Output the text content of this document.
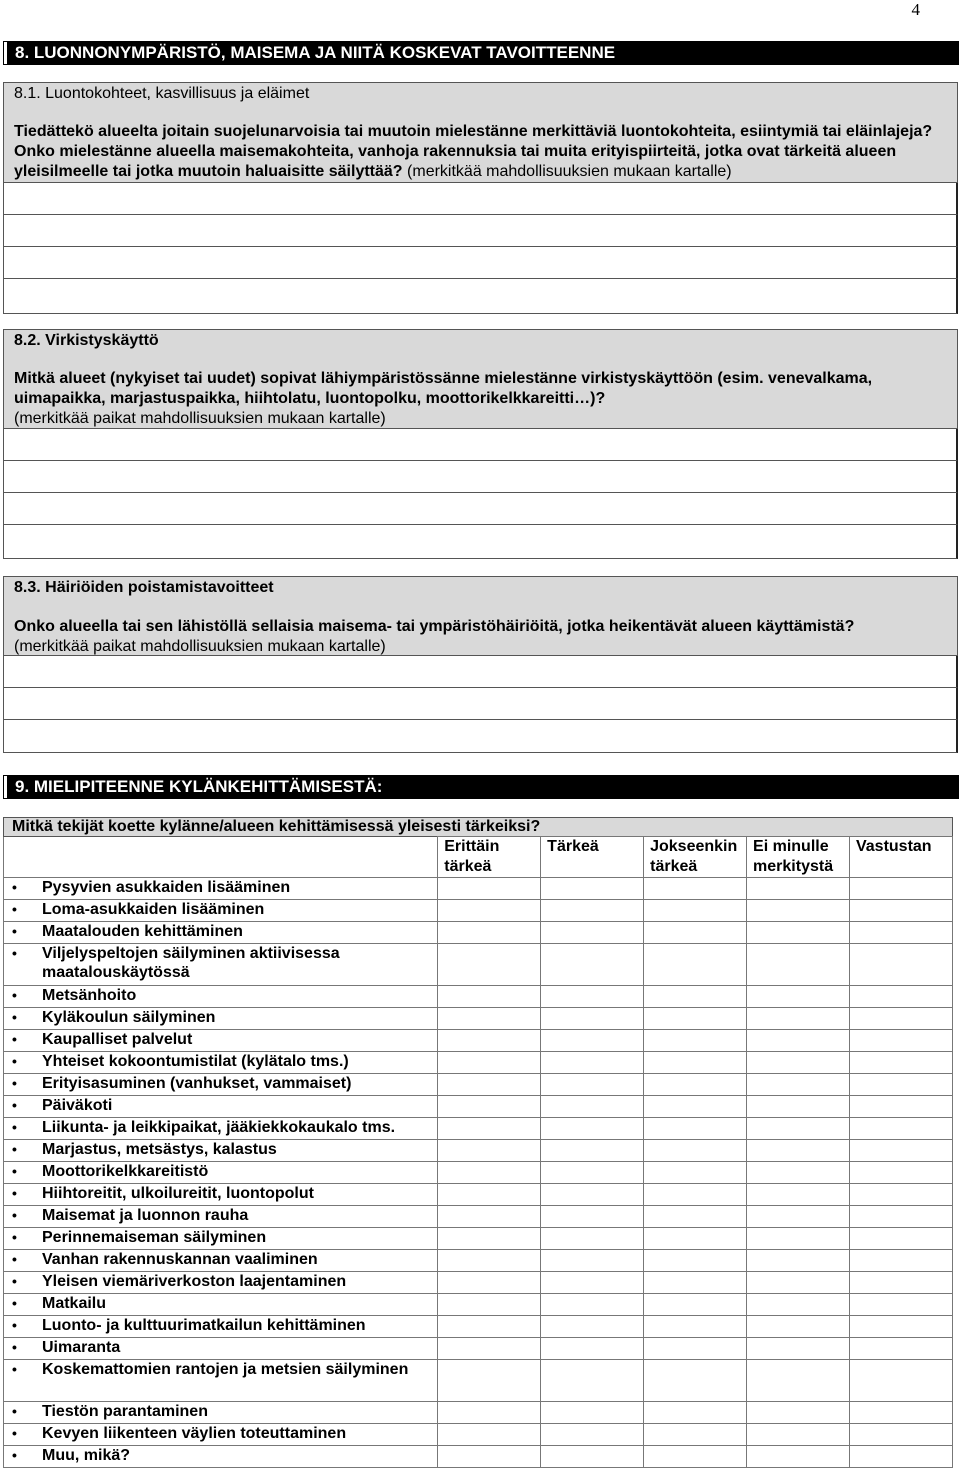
4
8. LUONNONYMPÄRISTÖ, MAISEMA JA NIITÄ KOSKEVAT TAVOITTEENNE
8.1. Luontokohteet, kasvillisuus ja eläimet
Tiedättekö alueelta joitain suojelunarvoisia tai muutoin mielestänne merkittäviä luontokohteita, esiintymiä tai eläinlajeja? Onko mielestänne alueella maisemakohteita, vanhoja rakennuksia tai muita erityispiirteitä, jotka ovat tärkeitä alueen yleisilmeelle tai jotka muutoin haluaisitte säilyttää? (merkitkää mahdollisuuksien mukaan kartalle)
8.2. Virkistyskäyttö
Mitkä alueet (nykyiset tai uudet) sopivat lähiympäristössänne mielestänne virkistyskäyttöön (esim. venevalkama, uimapaikka, marjastuspaikka, hiihtolatu, luontopolku, moottorikelkkareitti…)?
(merkitkää paikat mahdollisuuksien mukaan kartalle)
8.3. Häiriöiden poistamistavoitteet
Onko alueella tai sen lähistöllä sellaisia maisema- tai ympäristöhäiriöitä, jotka heikentävät alueen käyttämistä?
(merkitkää paikat mahdollisuuksien mukaan kartalle)
9. MIELIPITEENNE KYLÄNKEHITTÄMISESTÄ:
Mitkä tekijät koette kylänne/alueen kehittämisessä yleisesti tärkeiksi?
	Erittäin tärkeä	Tärkeä	Jokseenkin tärkeä	Ei minulle merkitystä	Vastustan

• Pysyvien asukkaiden lisääminen					

• Loma-asukkaiden lisääminen					

• Maatalouden kehittäminen					

• Viljelyspeltojen säilyminen aktiivisessa maatalouskäytössä					

• Metsänhoito					

• Kyläkoulun säilyminen					

• Kaupalliset palvelut					

• Yhteiset kokoontumistilat (kylätalo tms.)					

• Erityisasuminen (vanhukset, vammaiset)					

• Päiväkoti					

• Liikunta- ja leikkipaikat, jääkiekkokaukalo tms.					

• Marjastus, metsästys, kalastus					

• Moottorikelkkareitistö					

• Hiihtoreitit, ulkoilureitit, luontopolut					

• Maisemat ja luonnon rauha					

• Perinnemaiseman säilyminen					

• Vanhan rakennuskannan vaaliminen					

• Yleisen viemäriverkoston laajentaminen					

• Matkailu					

• Luonto- ja kulttuurimatkailun kehittäminen					

• Uimaranta					

• Koskemattomien rantojen ja metsien säilyminen					

• Tiestön parantaminen					

• Kevyen liikenteen väylien toteuttaminen					

• Muu, mikä?					
